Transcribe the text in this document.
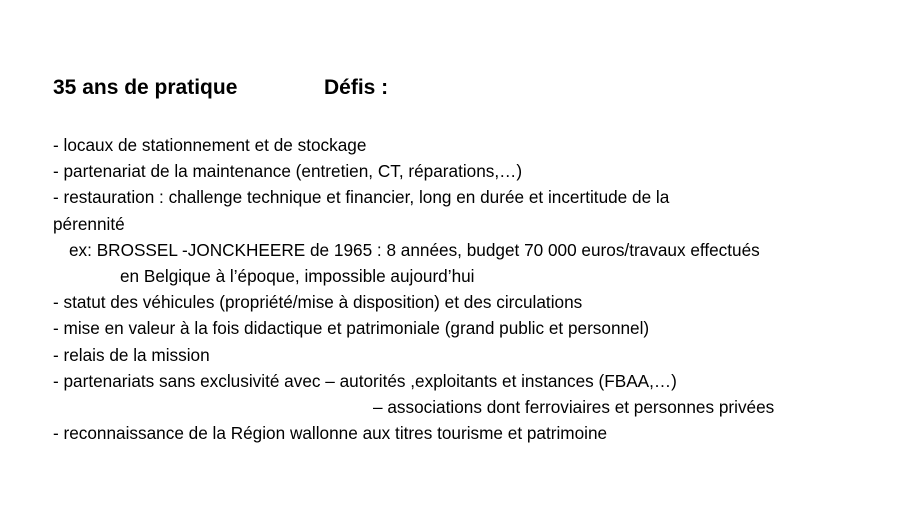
35 ans de pratique	Défis :
- locaux de stationnement et de stockage
- partenariat de la maintenance (entretien, CT, réparations,…)
- restauration : challenge technique et financier, long en durée et incertitude de la
pérennité
ex: BROSSEL -JONCKHEERE de 1965 : 8 années, budget 70 000 euros/travaux effectués
en Belgique à l’époque, impossible aujourd’hui
- statut des véhicules (propriété/mise à disposition) et des circulations
- mise en valeur à la fois didactique et patrimoniale (grand public et personnel)
- relais de la mission
- partenariats sans exclusivité avec – autorités ,exploitants et instances (FBAA,…)
– associations dont ferroviaires et personnes privées
- reconnaissance de la Région wallonne aux titres tourisme et patrimoine
